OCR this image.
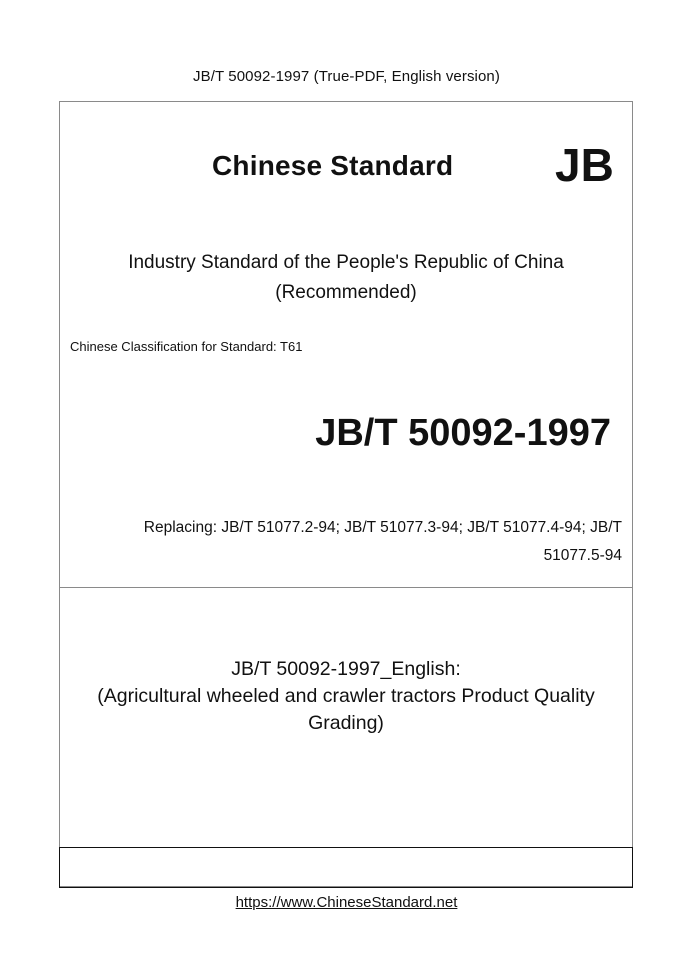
JB/T 50092-1997 (True-PDF, English version)
Chinese Standard JB
Industry Standard of the People's Republic of China
(Recommended)
Chinese Classification for Standard: T61
JB/T 50092-1997
Replacing: JB/T 51077.2-94; JB/T 51077.3-94; JB/T 51077.4-94; JB/T
51077.5-94
JB/T 50092-1997_English:
(Agricultural wheeled and crawler tractors Product Quality
Grading)
https://www.ChineseStandard.net
